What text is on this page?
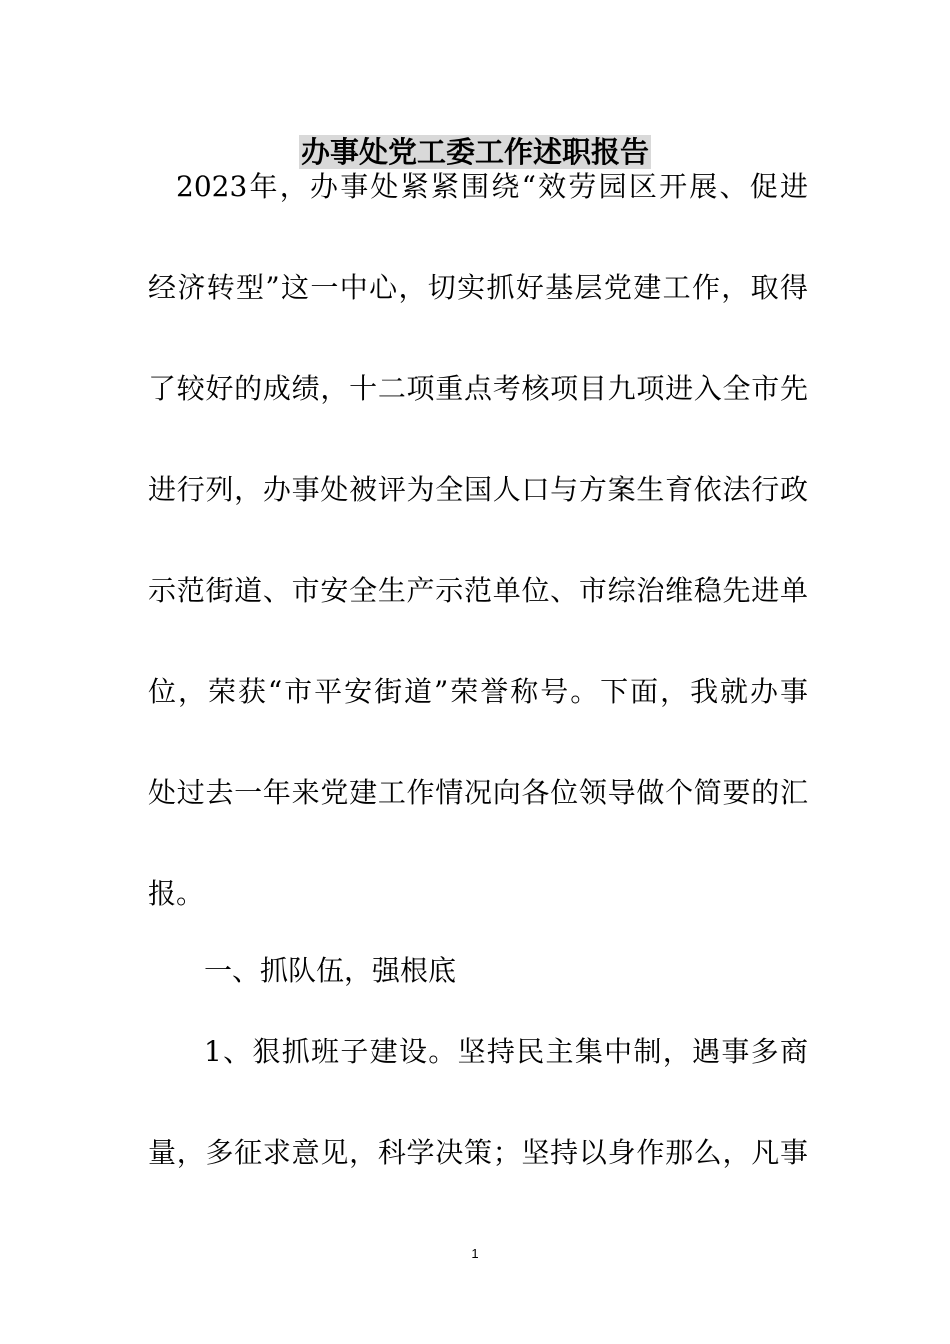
办事处党工委工作述职报告

2023年，办事处紧紧围绕“效劳园区开展、促进

经济转型”这一中心，切实抓好基层党建工作，取得

了较好的成绩，十二项重点考核项目九项进入全市先

进行列，办事处被评为全国人口与方案生育依法行政

示范街道、市安全生产示范单位、市综治维稳先进单

位，荣获“市平安街道”荣誉称号。下面，我就办事

处过去一年来党建工作情况向各位领导做个简要的汇

报。

一、抓队伍，强根底

1、狠抓班子建设。坚持民主集中制，遇事多商

量，多征求意见，科学决策；坚持以身作那么，凡事

1
